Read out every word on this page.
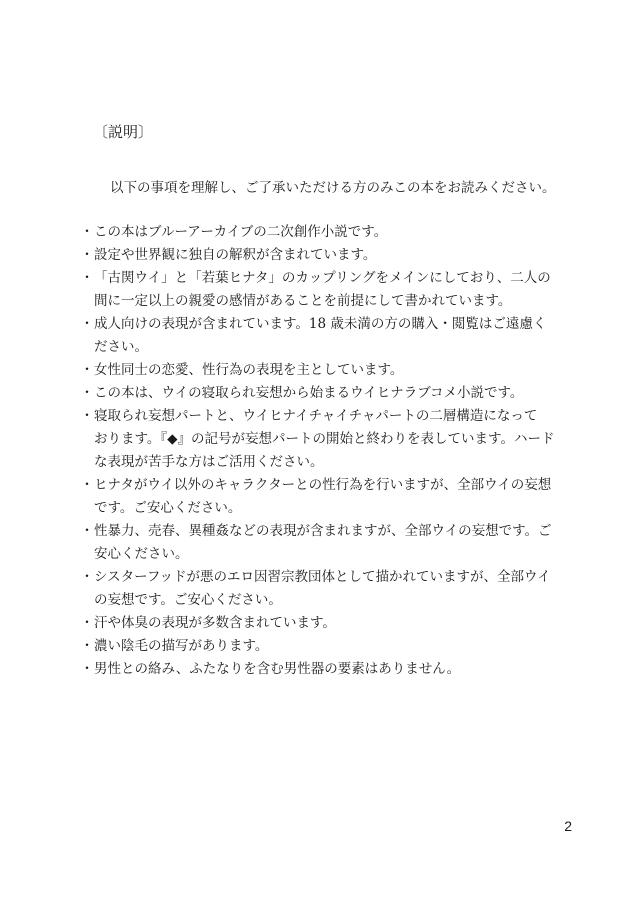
〔説明〕
以下の事項を理解し、ご了承いただける方のみこの本をお読みください。
・ この本はブルーアーカイブの二次創作小説です。
・ 設定や世界観に独自の解釈が含まれています。
・ 「古関ウイ」と「若葉ヒナタ」のカップリングをメインにしており、二人の
間に一定以上の親愛の感情があることを前提にして書かれています。
・ 成人向けの表現が含まれています。18 歳未満の方の購入・閲覧はご遠慮く
ださい。
・ 女性同士の恋愛、性行為の表現を主としています。
・ この本は、ウイの寝取られ妄想から始まるウイヒナラブコメ小説です。
・ 寝取られ妄想パートと、ウイヒナイチャイチャパートの二層構造になって
おります。『◆』の記号が妄想パートの開始と終わりを表しています。ハード
な表現が苦手な方はご活用ください。
・ ヒナタがウイ以外のキャラクターとの性行為を行いますが、全部ウイの妄想
です。ご安心ください。
・ 性暴力、売春、異種姦などの表現が含まれますが、全部ウイの妄想です。ご
安心ください。
・ シスターフッドが悪のエロ因習宗教団体として描かれていますが、全部ウイ
の妄想です。ご安心ください。
・ 汗や体臭の表現が多数含まれています。
・ 濃い陰毛の描写があります。
・ 男性との絡み、ふたなりを含む男性器の要素はありません。
2
